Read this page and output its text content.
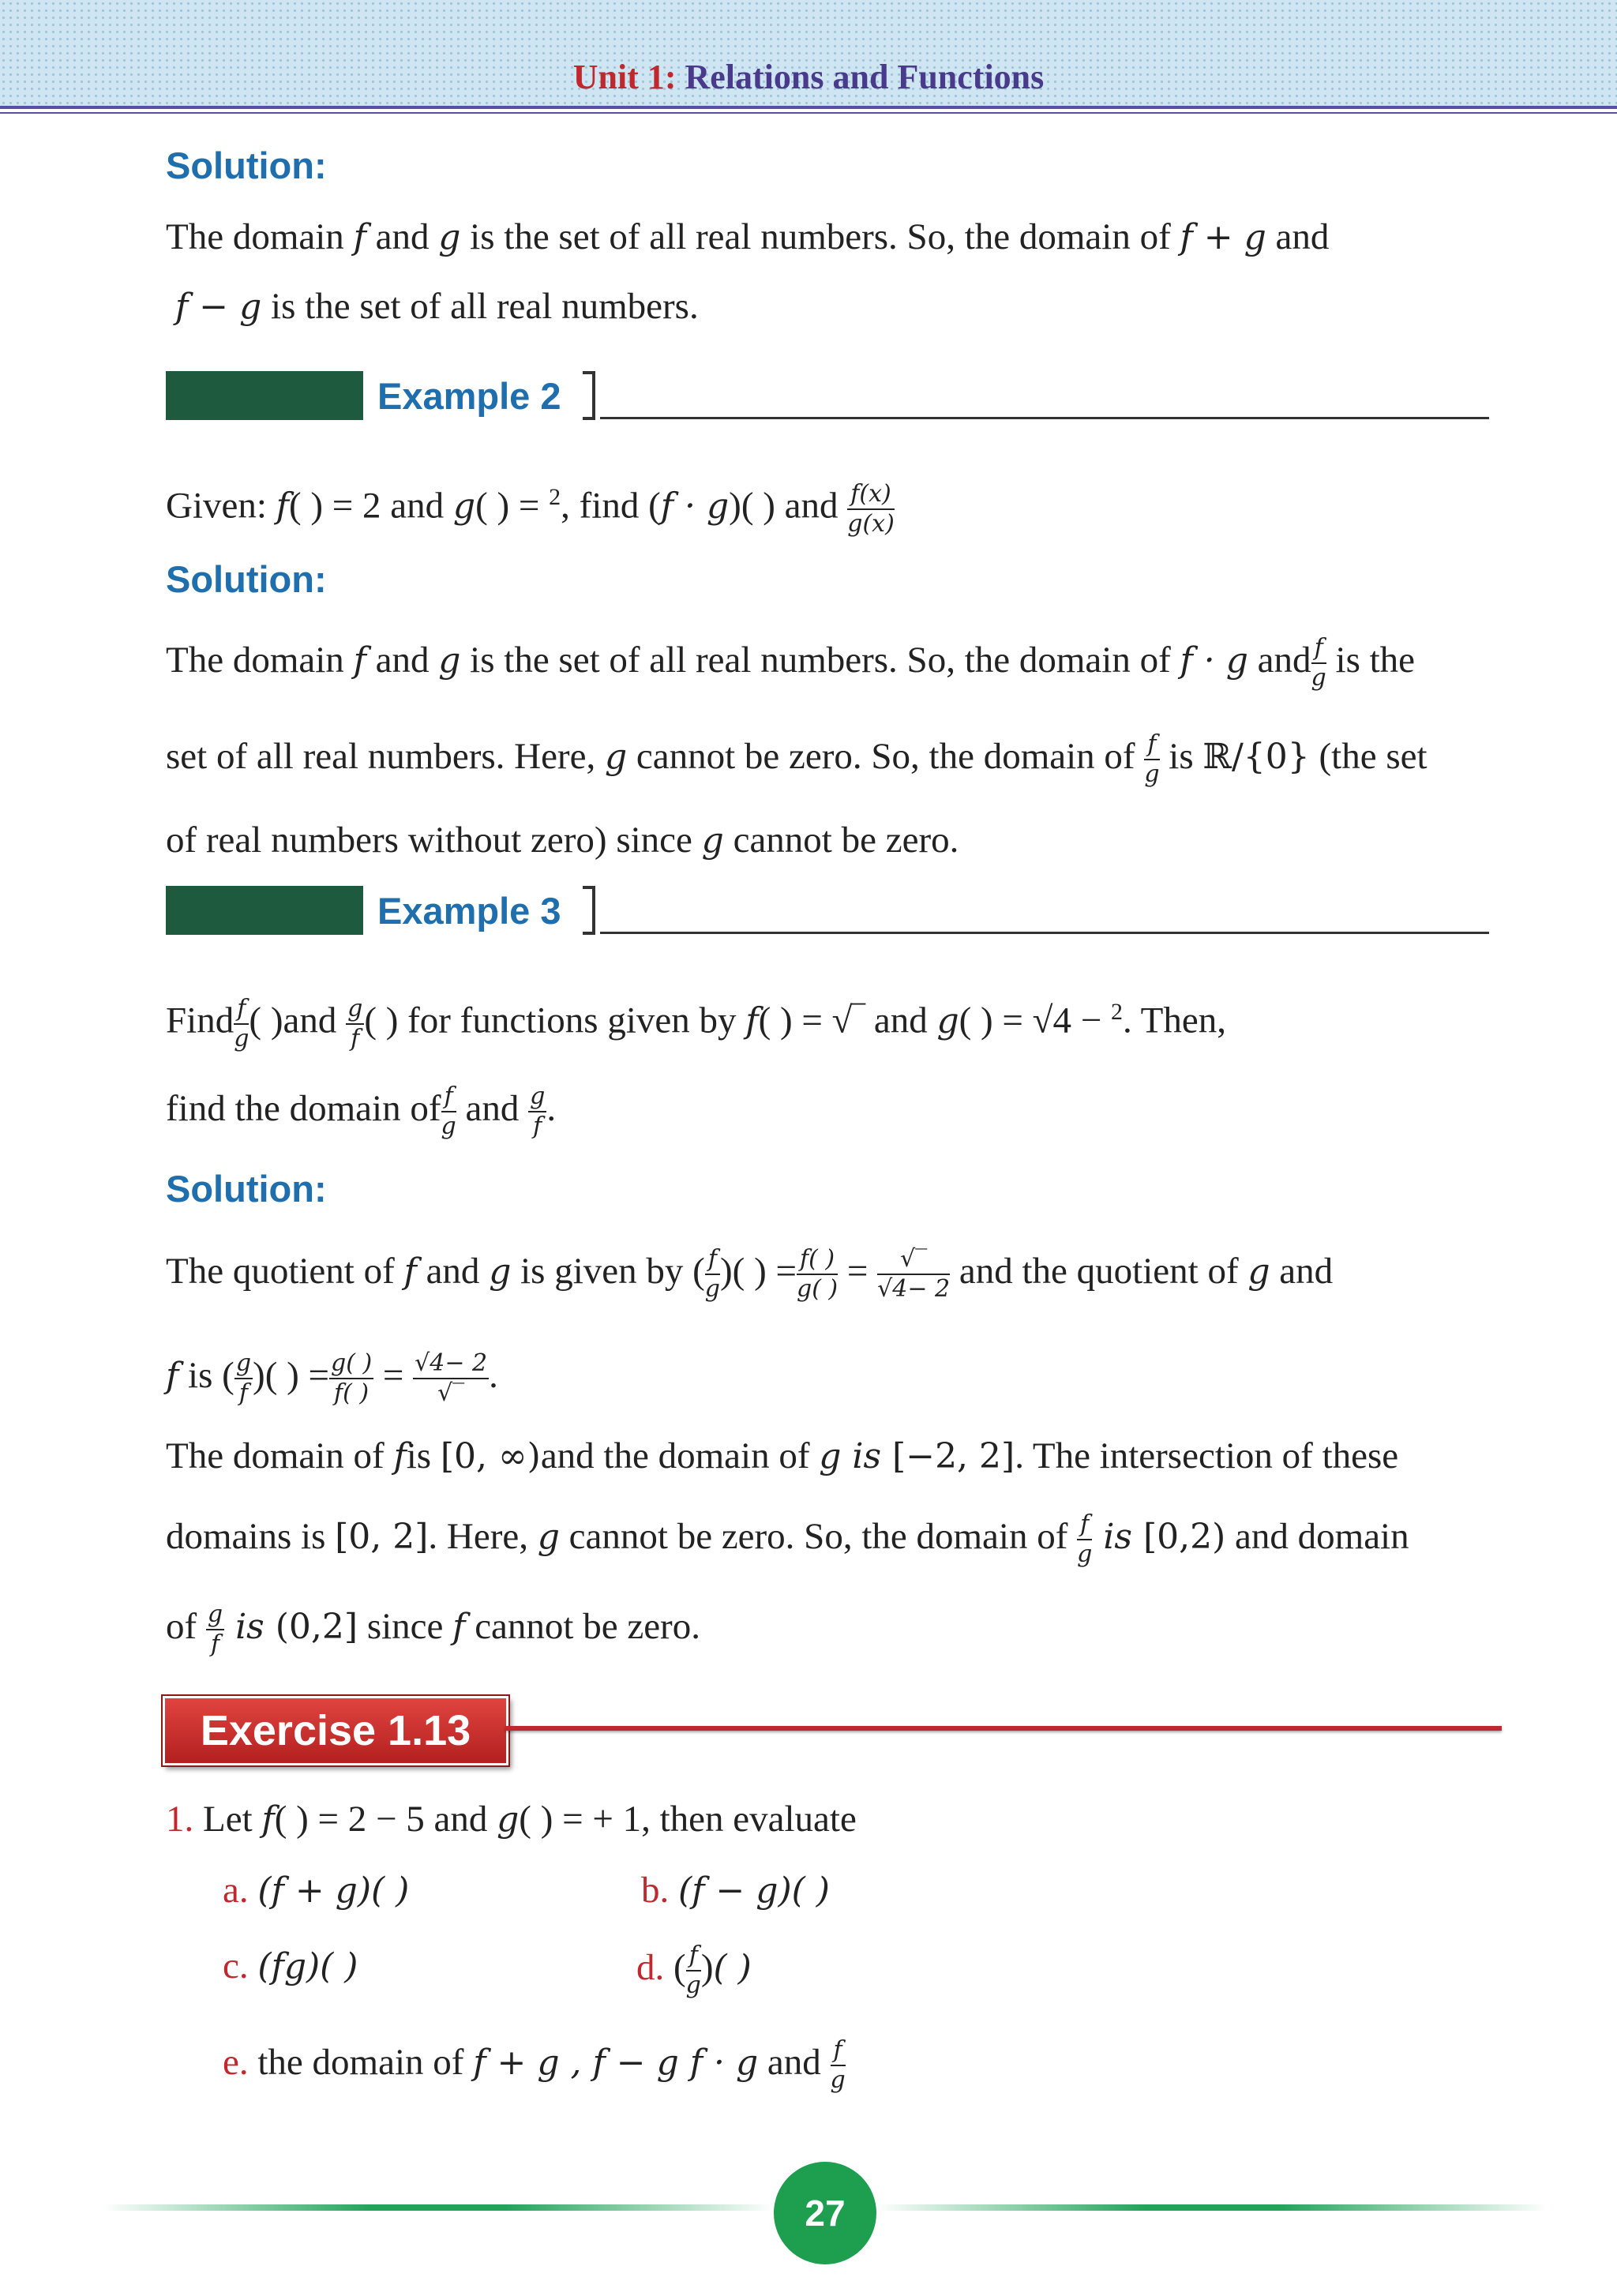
Unit 1: Relations and Functions
Solution:
The domain f and g is the set of all real numbers. So, the domain of f + g and
f − g is the set of all real numbers.
Example 2
Given: f( ) = 2 and g( ) = $^2$, find (f · g)( ) and $\frac{f(x)}{g(x)}$
Solution:
The domain f and g is the set of all real numbers. So, the domain of f · g and $\frac{f}{g}$ is the
set of all real numbers. Here, g cannot be zero. So, the domain of $\frac{f}{g}$ is ℝ/{0} (the set
of real numbers without zero) since g cannot be zero.
Example 3
Find $\frac{f}{g}$ ( )$and \frac{g}{f}$ ( ) for functions given by f( ) = √‾ and g( ) = √4 − $^2$. Then,
find the domain of $\frac{f}{g}$ and $\frac{g}{f}$ .
Solution:
The quotient of f and g is given by ( $\frac{f}{g}$ )( ) = $\frac{f( )}{g( )} = \frac{√‾}{√4- 2}$ and the quotient of g and
f is ( $\frac{g}{f}$ )( ) = $\frac{g( )}{f( )} = \frac{√4- 2}{√‾}$ .
The domain of fis [0, ∞)and the domain of g is [−2, 2]. The intersection of these
domains is [0, 2]. Here, g cannot be zero. So, the domain of $\frac{f}{g}$ is [0,2) and domain
of $\frac{g}{f}$ is (0,2] since f cannot be zero.
Exercise 1.13
1. Let f( ) = 2 − 5 and g( ) = + 1, then evaluate
a. (f + g)( )	b. (f − g)( )
c. (fg)( )	d. ( $\frac{f}{g}$ )( )
e. the domain of f + g , f − g f · g and $\frac{f}{g}$
27
